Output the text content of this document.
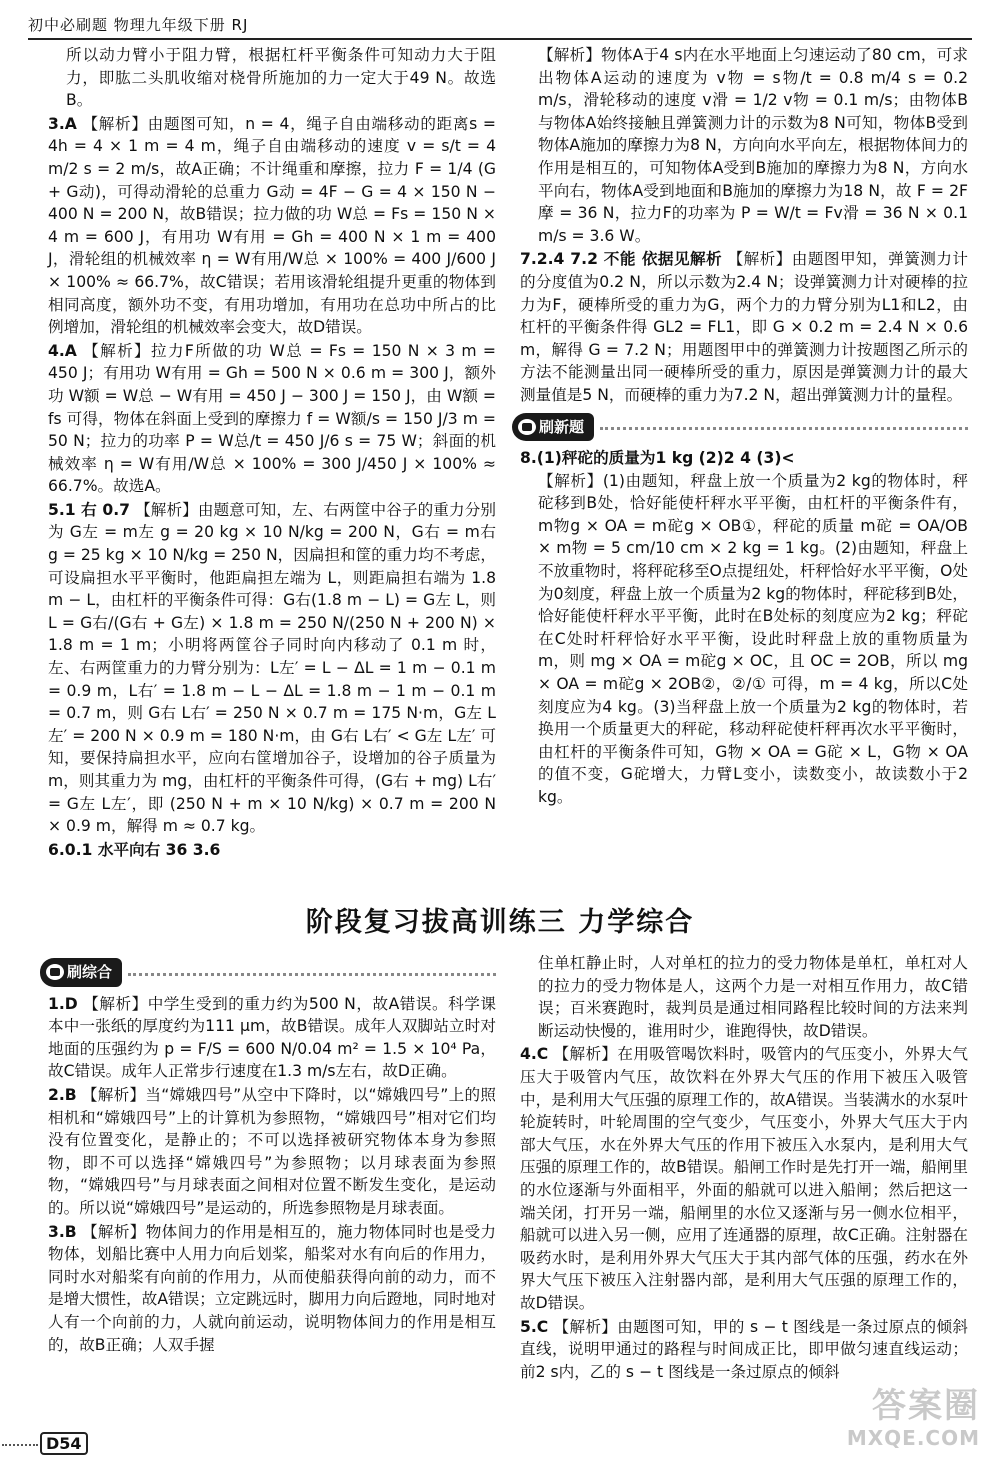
初中必刷题 物理九年级下册 RJ

所以动力臂小于阻力臂，根据杠杆平衡条件可知动力大于阻力，即肱二头肌收缩对桡骨所施加的力一定大于49 N。故选B。

3.A 【解析】由题图可知，n = 4，绳子自由端移动的距离s = 4h = 4 × 1 m = 4 m，绳子自由端移动的速度 v = s/t = 4 m/2 s = 2 m/s，故A正确；不计绳重和摩擦，拉力 F = 1/4 (G + G动)，可得动滑轮的总重力 G动 = 4F − G = 4 × 150 N − 400 N = 200 N，故B错误；拉力做的功 W总 = Fs = 150 N × 4 m = 600 J，有用功 W有用 = Gh = 400 N × 1 m = 400 J，滑轮组的机械效率 η = W有用/W总 × 100% = 400 J/600 J × 100% ≈ 66.7%，故C错误；若用该滑轮组提升更重的物体到相同高度，额外功不变，有用功增加，有用功在总功中所占的比例增加，滑轮组的机械效率会变大，故D错误。

4.A 【解析】拉力F所做的功 W总 = Fs = 150 N × 3 m = 450 J；有用功 W有用 = Gh = 500 N × 0.6 m = 300 J，额外功 W额 = W总 − W有用 = 450 J − 300 J = 150 J，由 W额 = fs 可得，物体在斜面上受到的摩擦力 f = W额/s = 150 J/3 m = 50 N；拉力的功率 P = W总/t = 450 J/6 s = 75 W；斜面的机械效率 η = W有用/W总 × 100% = 300 J/450 J × 100% ≈ 66.7%。故选A。

5.1 右 0.7 【解析】由题意可知，左、右两筐中谷子的重力分别为 G左 = m左 g = 20 kg × 10 N/kg = 200 N，G右 = m右 g = 25 kg × 10 N/kg = 250 N，因扁担和筐的重力均不考虑，可设扁担水平平衡时，他距扁担左端为 L，则距扁担右端为 1.8 m − L，由杠杆的平衡条件可得：G右(1.8 m − L) = G左 L，则 L = G右/(G右 + G左) × 1.8 m = 250 N/(250 N + 200 N) × 1.8 m = 1 m；小明将两筐谷子同时向内移动了 0.1 m 时，左、右两筐重力的力臂分别为：L左′ = L − ΔL = 1 m − 0.1 m = 0.9 m，L右′ = 1.8 m − L − ΔL = 1.8 m − 1 m − 0.1 m = 0.7 m，则 G右 L右′ = 250 N × 0.7 m = 175 N·m，G左 L左′ = 200 N × 0.9 m = 180 N·m，由 G右 L右′ < G左 L左′ 可知，要保持扁担水平，应向右筐增加谷子，设增加的谷子质量为 m，则其重力为 mg，由杠杆的平衡条件可得，(G右 + mg) L右′ = G左 L左′，即 (250 N + m × 10 N/kg) × 0.7 m = 200 N × 0.9 m，解得 m ≈ 0.7 kg。

6.0.1 水平向右 36 3.6

【解析】物体A于4 s内在水平地面上匀速运动了80 cm，可求出物体A运动的速度为 v物 = s物/t = 0.8 m/4 s = 0.2 m/s，滑轮移动的速度 v滑 = 1/2 v物 = 0.1 m/s；由物体B与物体A始终接触且弹簧测力计的示数为8 N可知，物体B受到物体A施加的摩擦力为8 N，方向向水平向左，根据物体间力的作用是相互的，可知物体A受到B施加的摩擦力为8 N，方向水平向右，物体A受到地面和B施加的摩擦力为18 N，故 F = 2F摩 = 36 N，拉力F的功率为 P = W/t = Fv滑 = 36 N × 0.1 m/s = 3.6 W。

7.2.4 7.2 不能 依据见解析 【解析】由题图甲知，弹簧测力计的分度值为0.2 N，所以示数为2.4 N；设弹簧测力计对硬棒的拉力为F，硬棒所受的重力为G，两个力的力臂分别为L1和L2，由杠杆的平衡条件得 GL2 = FL1，即 G × 0.2 m = 2.4 N × 0.6 m，解得 G = 7.2 N；用题图甲中的弹簧测力计按题图乙所示的方法不能测量出同一硬棒所受的重力，原因是弹簧测力计的最大测量值是5 N，而硬棒的重力为7.2 N，超出弹簧测力计的量程。

刷新题

8.(1)秤砣的质量为1 kg (2)2 4 (3)<

【解析】(1)由题知，秤盘上放一个质量为2 kg的物体时，秤砣移到B处，恰好能使杆秤水平平衡，由杠杆的平衡条件有，m物g × OA = m砣g × OB①，秤砣的质量 m砣 = OA/OB × m物 = 5 cm/10 cm × 2 kg = 1 kg。(2)由题知，秤盘上不放重物时，将秤砣移至O点提纽处，杆秤恰好水平平衡，O处为0刻度，秤盘上放一个质量为2 kg的物体时，秤砣移到B处，恰好能使杆秤水平平衡，此时在B处标的刻度应为2 kg；秤砣在C处时杆秤恰好水平平衡，设此时秤盘上放的重物质量为m，则 mg × OA = m砣g × OC，且 OC = 2OB，所以 mg × OA = m砣g × 2OB②，②/① 可得，m = 4 kg，所以C处刻度应为4 kg。(3)当秤盘上放一个质量为2 kg的物体时，若换用一个质量更大的秤砣，移动秤砣使杆秤再次水平平衡时，由杠杆的平衡条件可知，G物 × OA = G砣 × L，G物 × OA的值不变，G砣增大，力臂L变小，读数变小，故读数小于2 kg。

阶段复习拔高训练三 力学综合
刷综合

1.D 【解析】中学生受到的重力约为500 N，故A错误。科学课本中一张纸的厚度约为111 μm，故B错误。成年人双脚站立时对地面的压强约为 p = F/S = 600 N/0.04 m² = 1.5 × 10⁴ Pa，故C错误。成年人正常步行速度在1.3 m/s左右，故D正确。

2.B 【解析】当“嫦娥四号”从空中下降时，以“嫦娥四号”上的照相机和“嫦娥四号”上的计算机为参照物，“嫦娥四号”相对它们均没有位置变化，是静止的；不可以选择被研究物体本身为参照物，即不可以选择“嫦娥四号”为参照物；以月球表面为参照物，“嫦娥四号”与月球表面之间相对位置不断发生变化，是运动的。所以说“嫦娥四号”是运动的，所选参照物是月球表面。

3.B 【解析】物体间力的作用是相互的，施力物体同时也是受力物体，划船比赛中人用力向后划桨，船桨对水有向后的作用力，同时水对船桨有向前的作用力，从而使船获得向前的动力，而不是增大惯性，故A错误；立定跳远时，脚用力向后蹬地，同时地对人有一个向前的力，人就向前运动，说明物体间力的作用是相互的，故B正确；人双手握

住单杠静止时，人对单杠的拉力的受力物体是单杠，单杠对人的拉力的受力物体是人，这两个力是一对相互作用力，故C错误；百米赛跑时，裁判员是通过相同路程比较时间的方法来判断运动快慢的，谁用时少，谁跑得快，故D错误。

4.C 【解析】在用吸管喝饮料时，吸管内的气压变小，外界大气压大于吸管内气压，故饮料在外界大气压的作用下被压入吸管中，是利用大气压强的原理工作的，故A错误。当装满水的水泵叶轮旋转时，叶轮周围的空气变少，气压变小，外界大气压大于内部大气压，水在外界大气压的作用下被压入水泵内，是利用大气压强的原理工作的，故B错误。船闸工作时是先打开一端，船闸里的水位逐渐与外面相平，外面的船就可以进入船闸；然后把这一端关闭，打开另一端，船闸里的水位又逐渐与另一侧水位相平，船就可以进入另一侧，应用了连通器的原理，故C正确。注射器在吸药水时，是利用外界大气压大于其内部气体的压强，药水在外界大气压下被压入注射器内部，是利用大气压强的原理工作的，故D错误。

5.C 【解析】由题图可知，甲的 s − t 图线是一条过原点的倾斜直线，说明甲通过的路程与时间成正比，即甲做匀速直线运动；前2 s内，乙的 s − t 图线是一条过原点的倾斜

D54
答案圈
MXQE.COM
